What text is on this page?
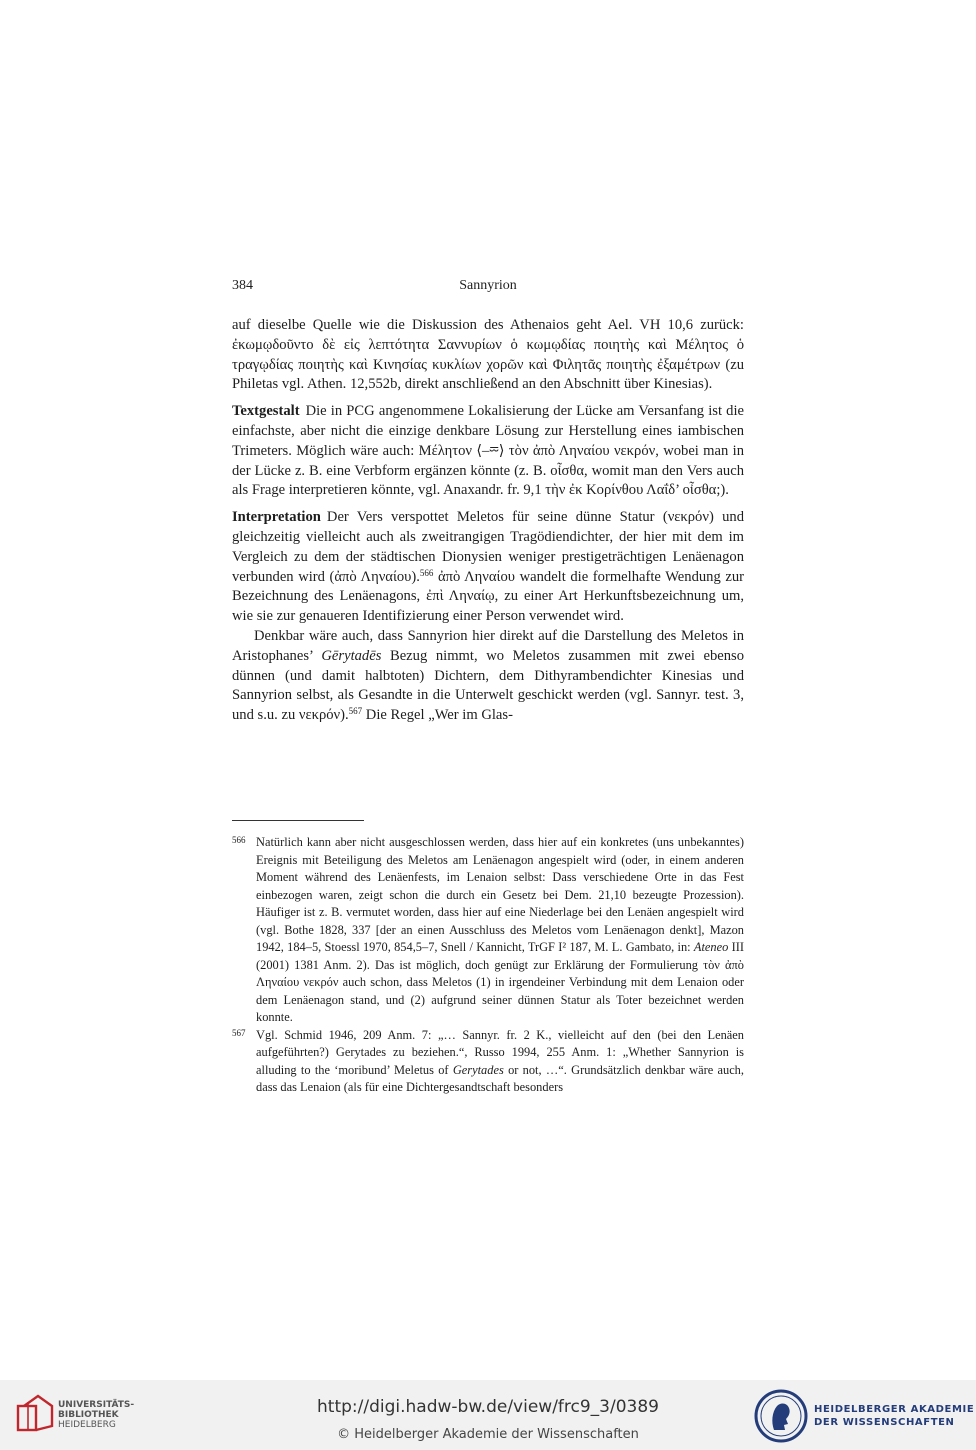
384	Sannyrion

auf dieselbe Quelle wie die Diskussion des Athenaios geht Ael. VH 10,6 zurück: ἐκωμῳδοῦντο δὲ εἰς λεπτότητα Σαννυρίων ὁ κωμῳδίας ποιητὴς καὶ Μέλητος ὁ τραγῳδίας ποιητὴς καὶ Κινησίας κυκλίων χορῶν καὶ Φιλητᾶς ποιητὴς ἐξαμέτρων (zu Philetas vgl. Athen. 12,552b, direkt anschließend an den Abschnitt über Kinesias).

Textgestalt Die in PCG angenommene Lokalisierung der Lücke am Versanfang ist die einfachste, aber nicht die einzige denkbare Lösung zur Herstellung eines iambischen Trimeters. Möglich wäre auch: Μέλητον ⟨–⏔⟩ τὸν ἀπὸ Ληναίου νεκρόν, wobei man in der Lücke z. B. eine Verbform ergänzen könnte (z. B. οἶσθα, womit man den Vers auch als Frage interpretieren könnte, vgl. Anaxandr. fr. 9,1 τὴν ἐκ Κορίνθου Λαΐδ’ οἶσθα;).

Interpretation Der Vers verspottet Meletos für seine dünne Statur (νεκρόν) und gleichzeitig vielleicht auch als zweitrangigen Tragödiendichter, der hier mit dem im Vergleich zu dem der städtischen Dionysien weniger prestigeträchtigen Lenäenagon verbunden wird (ἀπὸ Ληναίου).$^{566}$ ἀπὸ Ληναίου wandelt die formelhafte Wendung zur Bezeichnung des Lenäenagons, ἐπὶ Ληναίῳ, zu einer Art Herkunftsbezeichnung um, wie sie zur genaueren Identifizierung einer Person verwendet wird.

Denkbar wäre auch, dass Sannyrion hier direkt auf die Darstellung des Meletos in Aristophanes’ Gērytadēs Bezug nimmt, wo Meletos zusammen mit zwei ebenso dünnen (und damit halbtoten) Dichtern, dem Dithyrambendichter Kinesias und Sannyrion selbst, als Gesandte in die Unterwelt geschickt werden (vgl. Sannyr. test. 3, und s.u. zu νεκρόν).$^{567}$ Die Regel „Wer im Glas-

566 Natürlich kann aber nicht ausgeschlossen werden, dass hier auf ein konkretes (uns unbekanntes) Ereignis mit Beteiligung des Meletos am Lenäenagon angespielt wird (oder, in einem anderen Moment während des Lenäenfests, im Lenaion selbst: Dass verschiedene Orte in das Fest einbezogen waren, zeigt schon die durch ein Gesetz bei Dem. 21,10 bezeugte Prozession). Häufiger ist z. B. vermutet worden, dass hier auf eine Niederlage bei den Lenäen angespielt wird (vgl. Bothe 1828, 337 [der an einen Ausschluss des Meletos vom Lenäenagon denkt], Mazon 1942, 184–5, Stoessl 1970, 854,5–7, Snell / Kannicht, TrGF I² 187, M. L. Gambato, in: Ateneo III (2001) 1381 Anm. 2). Das ist möglich, doch genügt zur Erklärung der Formulierung τὸν ἀπὸ Ληναίου νεκρόν auch schon, dass Meletos (1) in irgendeiner Verbindung mit dem Lenaion oder dem Lenäenagon stand, und (2) aufgrund seiner dünnen Statur als Toter bezeichnet werden konnte.

567 Vgl. Schmid 1946, 209 Anm. 7: „… Sannyr. fr. 2 K., vielleicht auf den (bei den Lenäen aufgeführten?) Gerytades zu beziehen.“, Russo 1994, 255 Anm. 1: „Whether Sannyrion is alluding to the ‘moribund’ Meletus of Gerytades or not, …“. Grundsätzlich denkbar wäre auch, dass das Lenaion (als für eine Dichtergesandtschaft besonders

UNIVERSITÄTS-
BIBLIOTHEK
HEIDELBERG
http://digi.hadw-bw.de/view/frc9_3/0389
© Heidelberger Akademie der Wissenschaften
HEIDELBERGER AKADEMIE
DER WISSENSCHAFTEN
